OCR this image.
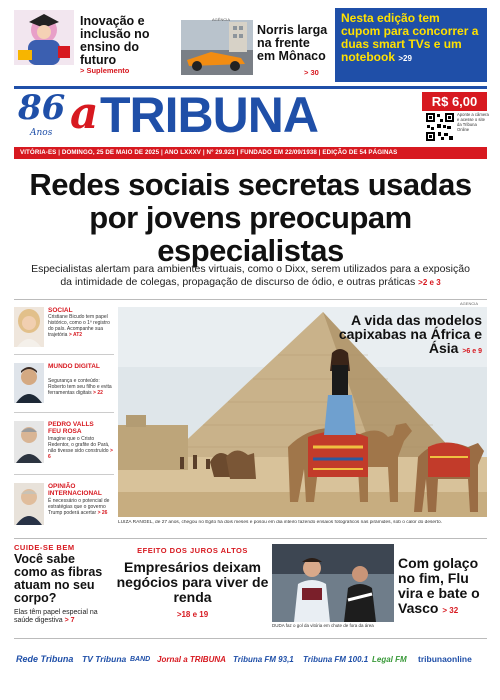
Inovação e inclusão no ensino do futuro
> Suplemento
AGÊNCIA
Norris larga na frente em Mônaco
> 30
Nesta edição tem cupom para concorrer a duas smart TVs e um notebook >29
86
Anos a TRIBUNA	R$ 6,00
Aponte a câmera e acesse o site da Tribuna Online
VITÓRIA-ES | DOMINGO, 25 DE MAIO DE 2025 | ANO LXXXV | Nº 29.923 | FUNDADO EM 22/09/1938 | EDIÇÃO DE 54 PÁGINAS
Redes sociais secretas usadas por jovens preocupam especialistas
Especialistas alertam para ambientes virtuais, como o Dixx, serem utilizados para a exposição da intimidade de colegas, propagação de discurso de ódio, e outras práticas >2 e 3
SOCIAL
Cristiane Bicudo tem papel histórico, como o 1º registro do país. Acompanhe sua trajetória > AT2
MUNDO DIGITAL
Segurança e conteúdo: Roberto tem seu filho e evita ferramentas digitais > 22
PEDRO VALLS FEU ROSA
Imagine que o Cristo Redentor, o grafite do Pará, não tivesse sido construído > 6
OPINIÃO INTERNACIONAL
É necessário o potencial de estratégias que o governo Trump poderá acertar > 26
AGENCIA
A vida das modelos capixabas na África e Ásia >6 e 9
LUIZA RANGEL, de 27 anos, chegou no Egito há dois meses e posou em dia inteiro fazendo ensaios fotográficos nas pirâmides, sob o calor do deserto.
CUIDE-SE BEM
Você sabe como as fibras atuam no seu corpo?
Elas têm papel especial na saúde digestiva > 7
EFEITO DOS JUROS ALTOS
Empresários deixam negócios para viver de renda
>18 e 19
DUDA faz o gol da vitória em chute de fora da área
Com golaço no fim, Flu vira e bate o Vasco > 32
Rede Tribuna TV Tribuna BAND Jornal a TRIBUNA Tribuna FM 93,1 Tribuna FM 100.1 Legal FM tribunaonline
